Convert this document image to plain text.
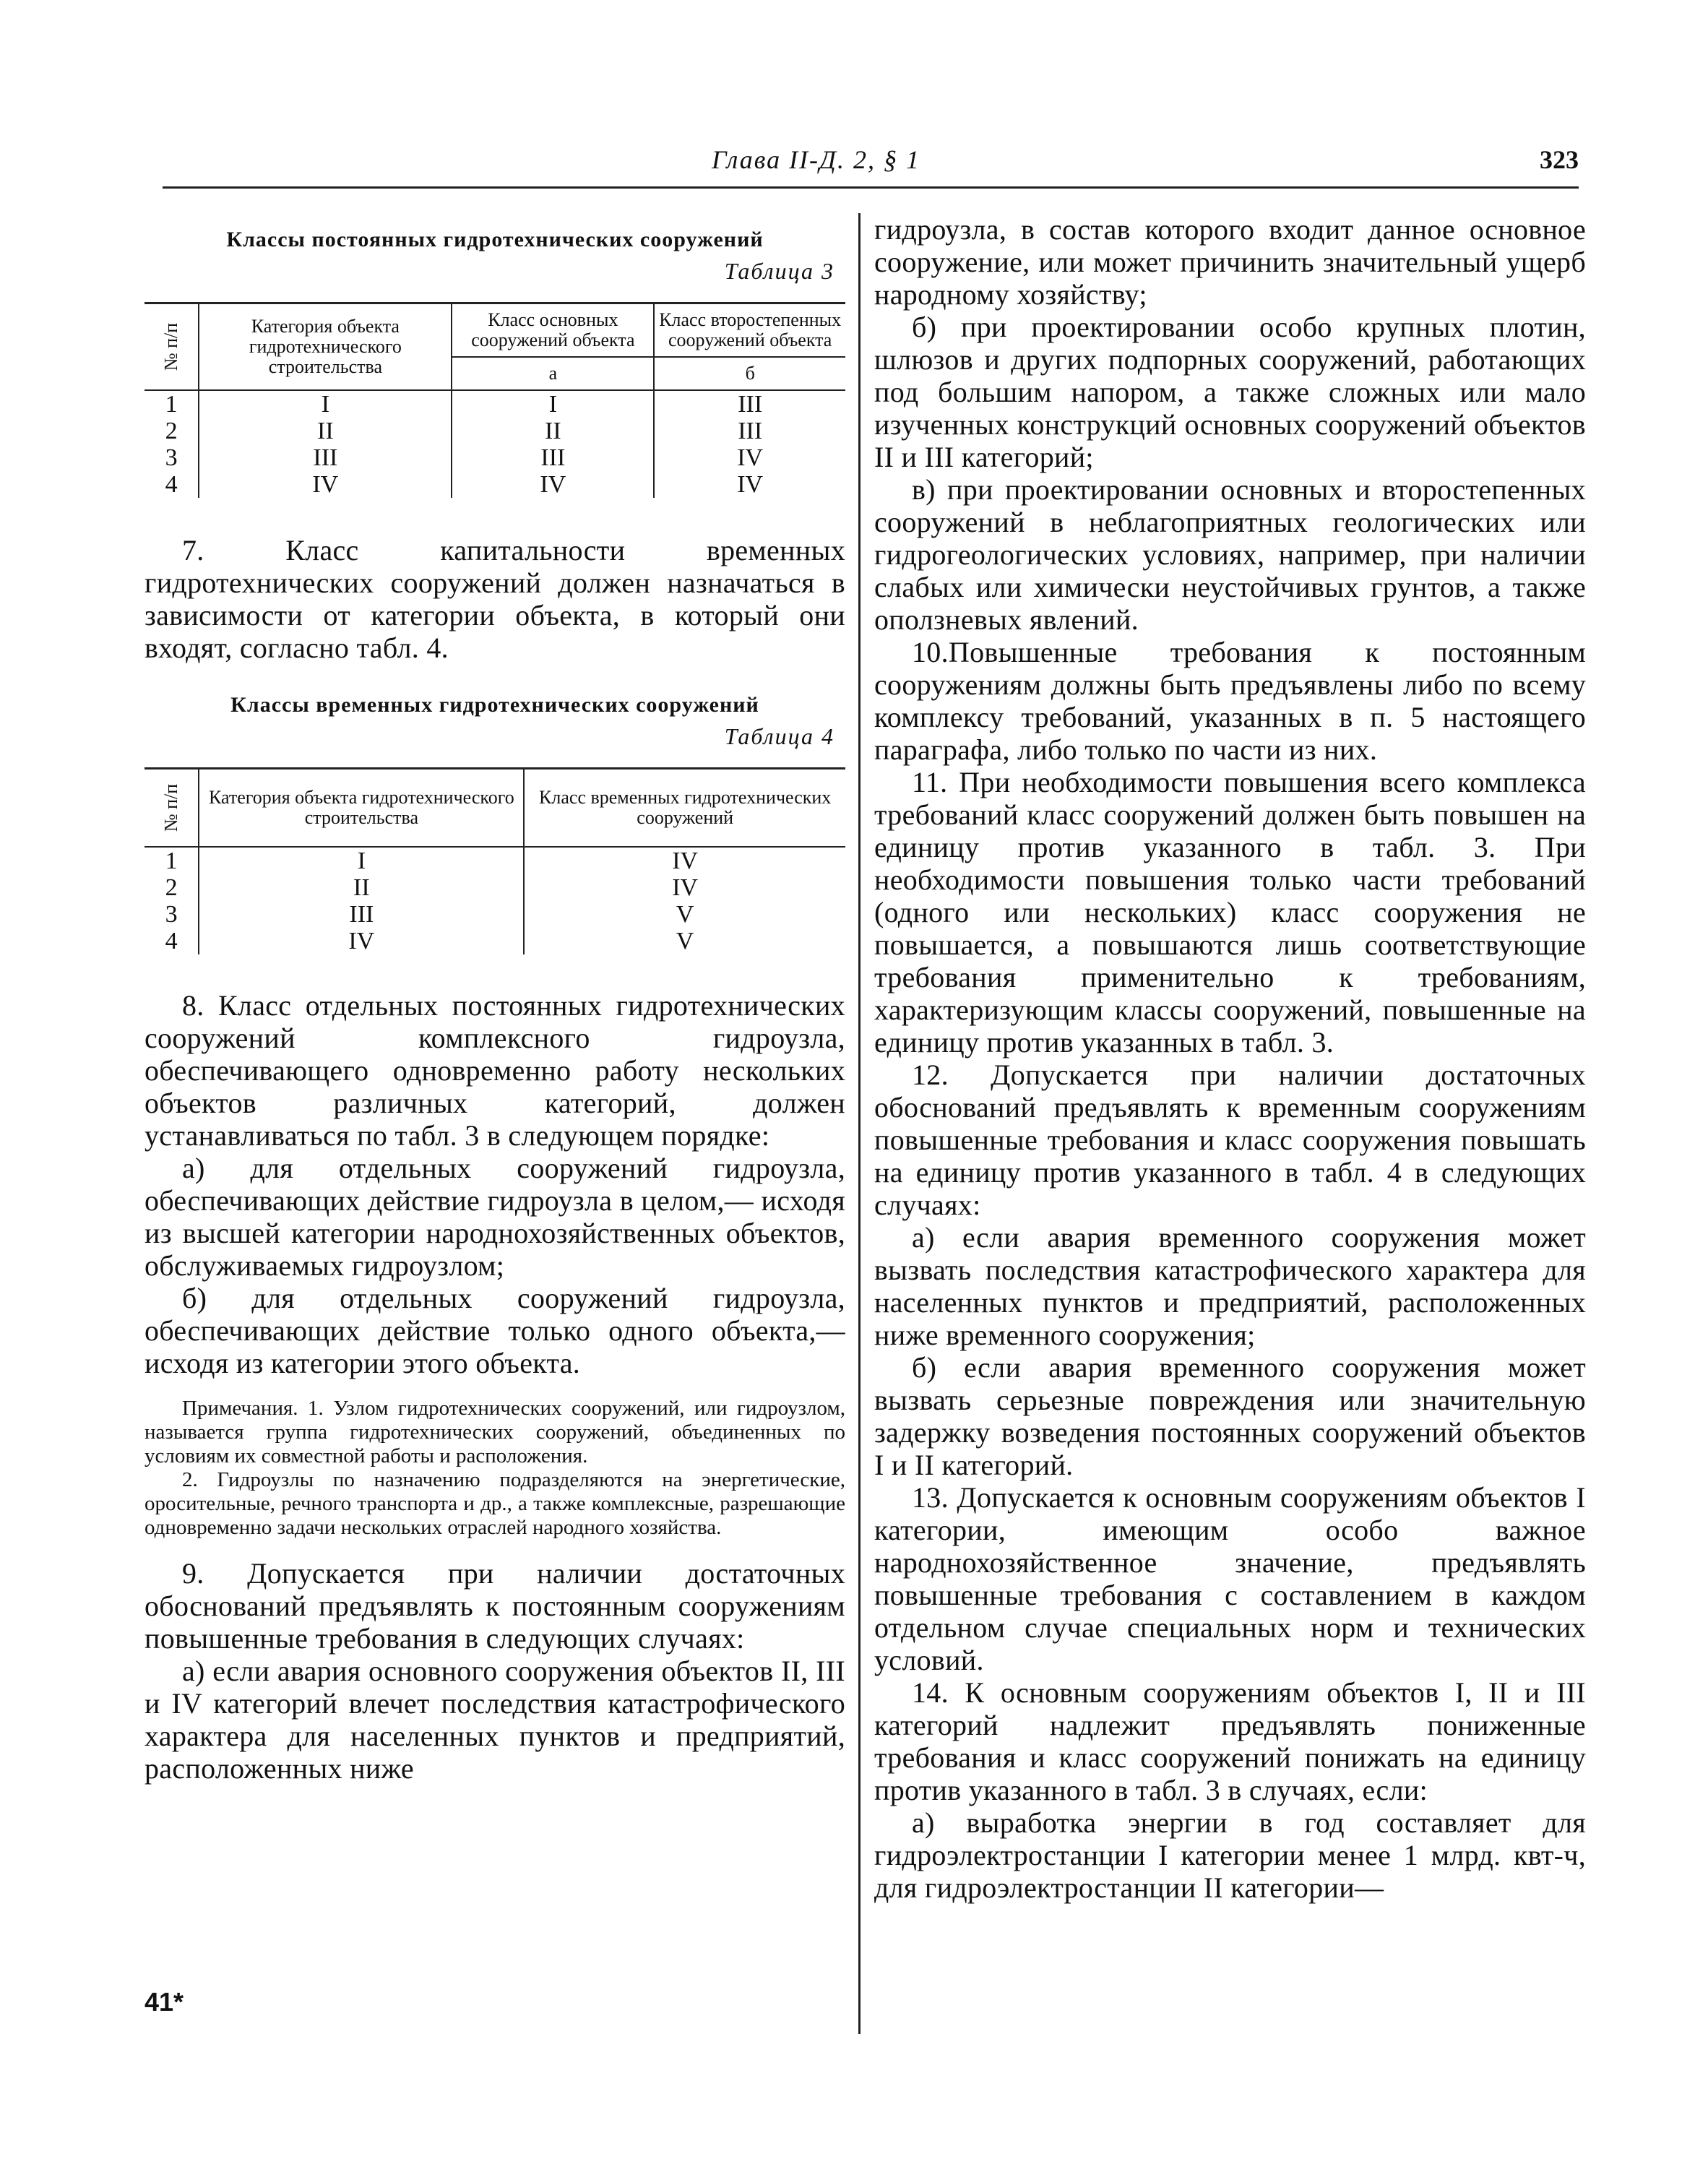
Глава II-Д. 2, § 1	323
Классы постоянных гидротехнических сооружений
Таблица 3
№ п/п	Категория объекта гидротехнического строительства	Класс основных сооружений объекта	Класс второстепенных сооружений объекта
		а	б

1	I	I	III
2	II	II	III
3	III	III	IV
4	IV	IV	IV

7. Класс капитальности временных гидротехнических сооружений должен назначаться в зависимости от категории объекта, в который они входят, согласно табл. 4.

Классы временных гидротехнических сооружений
Таблица 4
№ п/п	Категория объекта гидротехнического строительства	Класс временных гидротехнических сооружений

1	I	IV
2	II	IV
3	III	V
4	IV	V

8. Класс отдельных постоянных гидротехнических сооружений комплексного гидроузла, обеспечивающего одновременно работу нескольких объектов различных категорий, должен устанавливаться по табл. 3 в следующем порядке:

а) для отдельных сооружений гидроузла, обеспечивающих действие гидроузла в целом,— исходя из высшей категории народнохозяйственных объектов, обслуживаемых гидроузлом;

б) для отдельных сооружений гидроузла, обеспечивающих действие только одного объекта,— исходя из категории этого объекта.

Примечания. 1. Узлом гидротехнических сооружений, или гидроузлом, называется группа гидротехнических сооружений, объединенных по условиям их совместной работы и расположения.

2. Гидроузлы по назначению подразделяются на энергетические, оросительные, речного транспорта и др., а также комплексные, разрешающие одновременно задачи нескольких отраслей народного хозяйства.

9. Допускается при наличии достаточных обоснований предъявлять к постоянным сооружениям повышенные требования в следующих случаях:

а) если авария основного сооружения объектов II, III и IV категорий влечет последствия катастрофического характера для населенных пунктов и предприятий, расположенных ниже

гидроузла, в состав которого входит данное основное сооружение, или может причинить значительный ущерб народному хозяйству;

б) при проектировании особо крупных плотин, шлюзов и других подпорных сооружений, работающих под большим напором, а также сложных или мало изученных конструкций основных сооружений объектов II и III категорий;

в) при проектировании основных и второстепенных сооружений в неблагоприятных геологических или гидрогеологических условиях, например, при наличии слабых или химически неустойчивых грунтов, а также оползневых явлений.

10.Повышенные требования к постоянным сооружениям должны быть предъявлены либо по всему комплексу требований, указанных в п. 5 настоящего параграфа, либо только по части из них.

11. При необходимости повышения всего комплекса требований класс сооружений должен быть повышен на единицу против указанного в табл. 3. При необходимости повышения только части требований (одного или нескольких) класс сооружения не повышается, а повышаются лишь соответствующие требования применительно к требованиям, характеризующим классы сооружений, повышенные на единицу против указанных в табл. 3.

12. Допускается при наличии достаточных обоснований предъявлять к временным сооружениям повышенные требования и класс сооружения повышать на единицу против указанного в табл. 4 в следующих случаях:

а) если авария временного сооружения может вызвать последствия катастрофического характера для населенных пунктов и предприятий, расположенных ниже временного сооружения;

б) если авария временного сооружения может вызвать серьезные повреждения или значительную задержку возведения постоянных сооружений объектов I и II категорий.

13. Допускается к основным сооружениям объектов I категории, имеющим особо важное народнохозяйственное значение, предъявлять повышенные требования с составлением в каждом отдельном случае специальных норм и технических условий.

14. К основным сооружениям объектов I, II и III категорий надлежит предъявлять пониженные требования и класс сооружений понижать на единицу против указанного в табл. 3 в случаях, если:

а) выработка энергии в год составляет для гидроэлектростанции I категории менее 1 млрд. квт-ч, для гидроэлектростанции II категории—

41*
